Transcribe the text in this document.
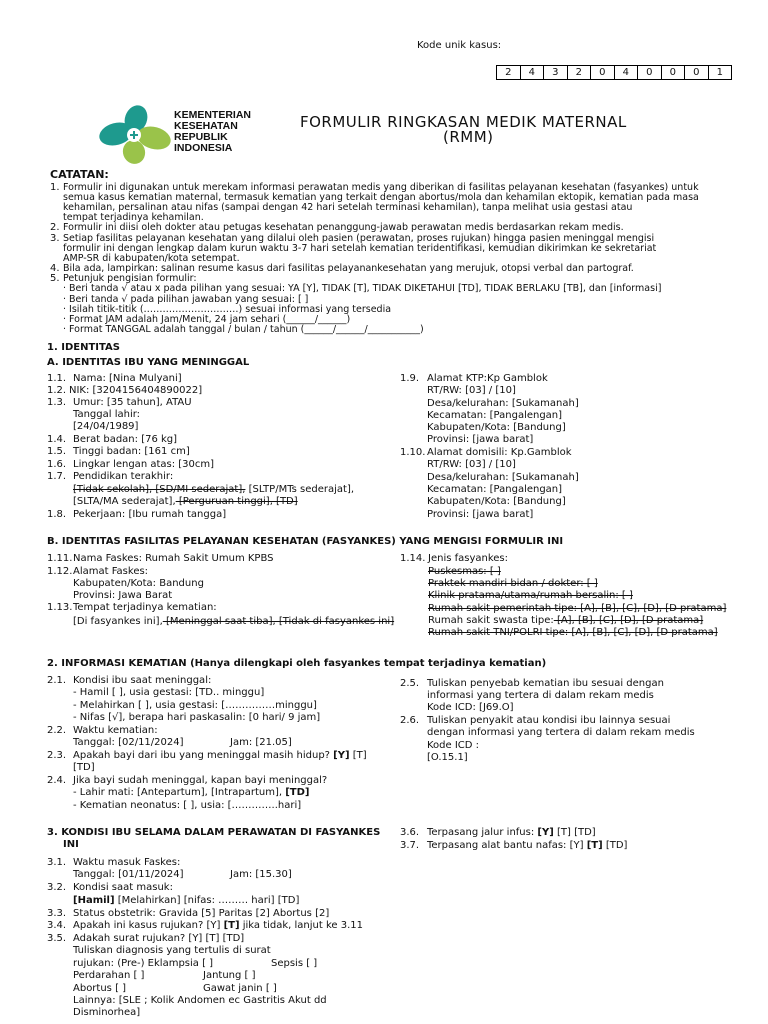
Kode unik kasus:
2	4	3	2	0	4	0	0	0	1
KEMENTERIAN
KESEHATAN
REPUBLIK
INDONESIA
FORMULIR RINGKASAN MEDIK MATERNAL
(RMM)
CATATAN:
1. Formulir ini digunakan untuk merekam informasi perawatan medis yang diberikan di fasilitas pelayanan kesehatan (fasyankes) untuk
semua kasus kematian maternal, termasuk kematian yang terkait dengan abortus/mola dan kehamilan ektopik, kematian pada masa
kehamilan, persalinan atau nifas (sampai dengan 42 hari setelah terminasi kehamilan), tanpa melihat usia gestasi atau
tempat terjadinya kehamilan.
2. Formulir ini diisi oleh dokter atau petugas kesehatan penanggung-jawab perawatan medis berdasarkan rekam medis.
3. Setiap fasilitas pelayanan kesehatan yang dilalui oleh pasien (perawatan, proses rujukan) hingga pasien meninggal mengisi
formulir ini dengan lengkap dalam kurun waktu 3-7 hari setelah kematian teridentifikasi, kemudian dikirimkan ke sekretariat
AMP-SR di kabupaten/kota setempat.
4. Bila ada, lampirkan: salinan resume kasus dari fasilitas pelayanankesehatan yang merujuk, otopsi verbal dan partograf.
5. Petunjuk pengisian formulir:
· Beri tanda √ atau x pada pilihan yang sesuai: YA [Y], TIDAK [T], TIDAK DIKETAHUI [TD], TIDAK BERLAKU [TB], dan [informasi]
· Beri tanda √ pada pilihan jawaban yang sesuai: [ ]
· Isilah titik-titik (…………………………) sesuai informasi yang tersedia
· Format JAM adalah Jam/Menit, 24 jam sehari (______/______)
· Format TANGGAL adalah tanggal / bulan / tahun (______/______/___________)
1. IDENTITAS
A. IDENTITAS IBU YANG MENINGGAL
1.1. Nama: [Nina Mulyani]
1.2. NIK: [3204156404890022]
1.3. Umur: [35 tahun], ATAU
Tanggal lahir:
[24/04/1989]
1.4. Berat badan: [76 kg]
1.5. Tinggi badan: [161 cm]
1.6. Lingkar lengan atas: [30cm]
1.7. Pendidikan terakhir:
[Tidak sekolah], [SD/MI sederajat], [SLTP/MTs sederajat],
[SLTA/MA sederajat], [Perguruan tinggi], [TD]
1.8. Pekerjaan: [Ibu rumah tangga]
1.9. Alamat KTP:Kp Gamblok
RT/RW: [03] / [10]
Desa/kelurahan: [Sukamanah]
Kecamatan: [Pangalengan]
Kabupaten/Kota: [Bandung]
Provinsi: [jawa barat]
1.10. Alamat domisili: Kp.Gamblok
RT/RW: [03] / [10]
Desa/kelurahan: [Sukamanah]
Kecamatan: [Pangalengan]
Kabupaten/Kota: [Bandung]
Provinsi: [jawa barat]
B. IDENTITAS FASILITAS PELAYANAN KESEHATAN (FASYANKES) YANG MENGISI FORMULIR INI
1.11. Nama Faskes: Rumah Sakit Umum KPBS
1.12. Alamat Faskes:
Kabupaten/Kota: Bandung
Provinsi: Jawa Barat
1.13. Tempat terjadinya kematian:
[Di fasyankes ini], [Meninggal saat tiba], [Tidak di fasyankes ini]
1.14. Jenis fasyankes:
Puskesmas: [ ]
Praktek mandiri bidan / dokter: [ ]
Klinik pratama/utama/rumah bersalin: [ ]
Rumah sakit pemerintah tipe: [A], [B], [C], [D], [D pratama]
Rumah sakit swasta tipe: [A], [B], [C], [D], [D pratama]
Rumah sakit TNI/POLRI tipe: [A], [B], [C], [D], [D pratama]
2. INFORMASI KEMATIAN (Hanya dilengkapi oleh fasyankes tempat terjadinya kematian)
2.1. Kondisi ibu saat meninggal:
- Hamil [ ], usia gestasi: [TD.. minggu]
- Melahirkan [ ], usia gestasi: [……………minggu]
- Nifas [√], berapa hari paskasalin: [0 hari/ 9 jam]
2.2. Waktu kematian:
Tanggal: [02/11/2024]	Jam: [21.05]
2.3. Apakah bayi dari ibu yang meninggal masih hidup? [Y] [T]
[TD]
2.4. Jika bayi sudah meninggal, kapan bayi meninggal?
- Lahir mati: [Antepartum], [Intrapartum], [TD]
- Kematian neonatus: [ ], usia: […………..hari]
2.5. Tuliskan penyebab kematian ibu sesuai dengan
informasi yang tertera di dalam rekam medis
Kode ICD: [J69.O]
2.6. Tuliskan penyakit atau kondisi ibu lainnya sesuai
dengan informasi yang tertera di dalam rekam medis
Kode ICD :
[O.15.1]
3. KONDISI IBU SELAMA DALAM PERAWATAN DI FASYANKES
INI
3.1. Waktu masuk Faskes:
Tanggal: [01/11/2024]	Jam: [15.30]
3.2. Kondisi saat masuk:
[Hamil] [Melahirkan] [nifas: ……… hari] [TD]
3.3. Status obstetrik: Gravida [5] Paritas [2] Abortus [2]
3.4. Apakah ini kasus rujukan? [Y] [T] jika tidak, lanjut ke 3.11
3.5. Adakah surat rujukan? [Y] [T] [TD]
Tuliskan diagnosis yang tertulis di surat
rujukan: (Pre-) Eklampsia [ ]	Sepsis [ ]
Perdarahan [ ]	Jantung [ ]
Abortus [ ]	Gawat janin [ ]
Lainnya: [SLE ; Kolik Andomen ec Gastritis Akut dd
Disminorhea]
3.6. Terpasang jalur infus: [Y] [T] [TD]
3.7. Terpasang alat bantu nafas: [Y] [T] [TD]
